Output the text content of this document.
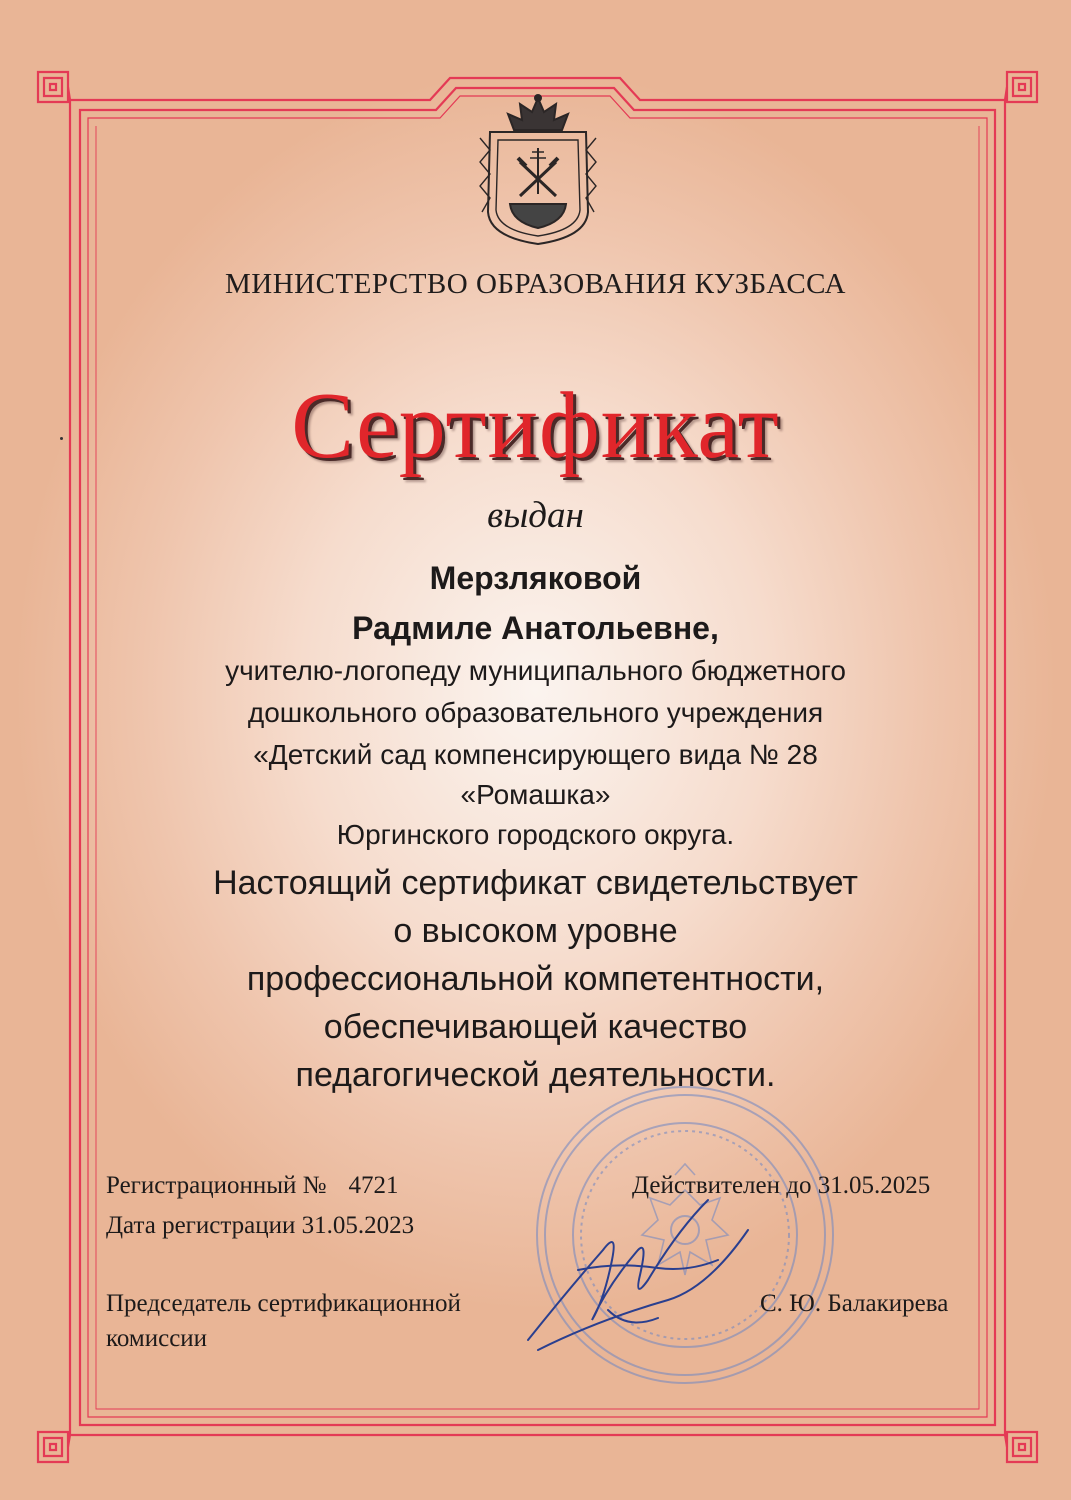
МИНИСТЕРСТВО ОБРАЗОВАНИЯ КУЗБАССА
Сертификат
выдан
Мерзляковой
Радмиле Анатольевне,
учителю-логопеду муниципального бюджетного
дошкольного образовательного учреждения
«Детский сад компенсирующего вида № 28
«Ромашка»
Юргинского городского округа.
Настоящий сертификат свидетельствует
о высоком уровне
профессиональной компетентности,
обеспечивающей качество
педагогической деятельности.
Регистрационный № 4721
Дата регистрации 31.05.2023
Действителен до 31.05.2025
Председатель сертификационной
комиссии
С. Ю. Балакирева
